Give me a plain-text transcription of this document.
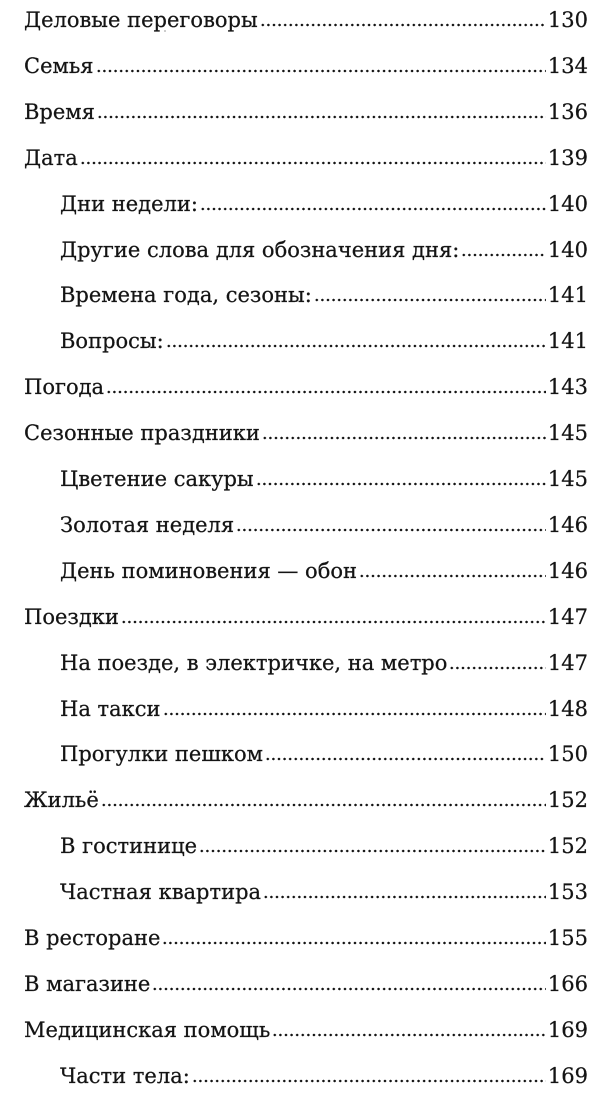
Деловые переговоры	130
Семья	134
Время	136
Дата	139
Дни недели:	140
Другие слова для обозначения дня:	140
Времена года, сезоны:	141
Вопросы:	141
Погода	143
Сезонные праздники	145
Цветение сакуры	145
Золотая неделя	146
День поминовения — обон	146
Поездки	147
На поезде, в электричке, на метро	147
На такси	148
Прогулки пешком	150
Жильё	152
В гостинице	152
Частная квартира	153
В ресторане	155
В магазине	166
Медицинская помощь	169
Части тела:	169
